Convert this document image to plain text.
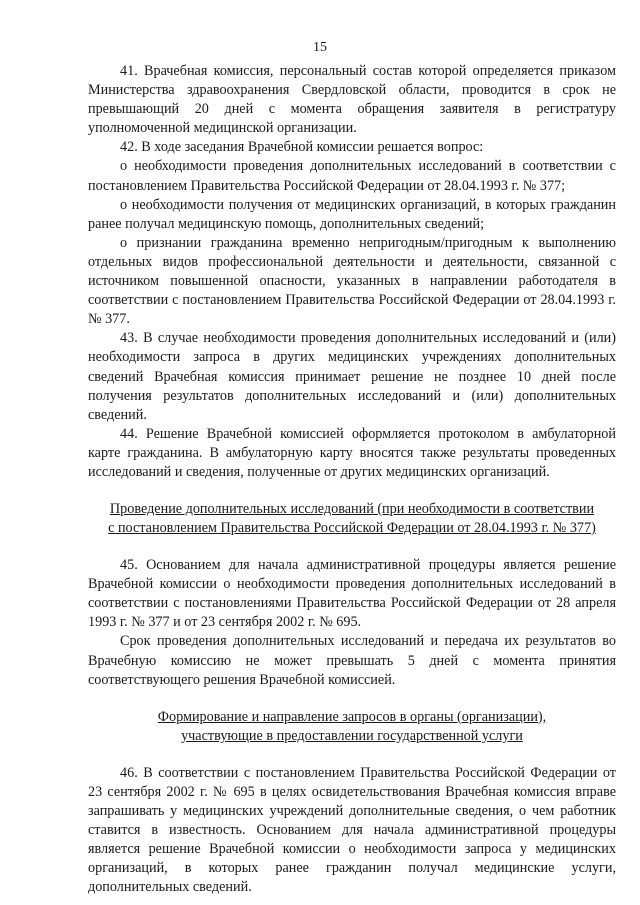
15

41. Врачебная комиссия, персональный состав которой определяется приказом Министерства здравоохранения Свердловской области, проводится в срок не превышающий 20 дней с момента обращения заявителя в регистратуру уполномоченной медицинской организации.

42. В ходе заседания Врачебной комиссии решается вопрос:

о необходимости проведения дополнительных исследований в соответствии с постановлением Правительства Российской Федерации от 28.04.1993 г. № 377;

о необходимости получения от медицинских организаций, в которых гражданин ранее получал медицинскую помощь, дополнительных сведений;

о признании гражданина временно непригодным/пригодным к выполнению отдельных видов профессиональной деятельности и деятельности, связанной с источником повышенной опасности, указанных в направлении работодателя в соответствии с постановлением Правительства Российской Федерации от 28.04.1993 г. № 377.

43. В случае необходимости проведения дополнительных исследований и (или) необходимости запроса в других медицинских учреждениях дополнительных сведений Врачебная комиссия принимает решение не позднее 10 дней после получения результатов дополнительных исследований и (или) дополнительных сведений.

44. Решение Врачебной комиссией оформляется протоколом в амбулаторной карте гражданина. В амбулаторную карту вносятся также результаты проведенных исследований и сведения, полученные от других медицинских организаций.

Проведение дополнительных исследований (при необходимости в соответствии
с постановлением Правительства Российской Федерации от 28.04.1993 г. № 377)

45. Основанием для начала административной процедуры является решение Врачебной комиссии о необходимости проведения дополнительных исследований в соответствии с постановлениями Правительства Российской Федерации от 28 апреля 1993 г. № 377 и от 23 сентября 2002 г. № 695.

Срок проведения дополнительных исследований и передача их результатов во Врачебную комиссию не может превышать 5 дней с момента принятия соответствующего решения Врачебной комиссией.

Формирование и направление запросов в органы (организации),
участвующие в предоставлении государственной услуги

46. В соответствии с постановлением Правительства Российской Федерации от 23 сентября 2002 г. № 695 в целях освидетельствования Врачебная комиссия вправе запрашивать у медицинских учреждений дополнительные сведения, о чем работник ставится в известность. Основанием для начала административной процедуры является решение Врачебной комиссии о необходимости запроса у медицинских организаций, в которых ранее гражданин получал медицинские услуги, дополнительных сведений.
